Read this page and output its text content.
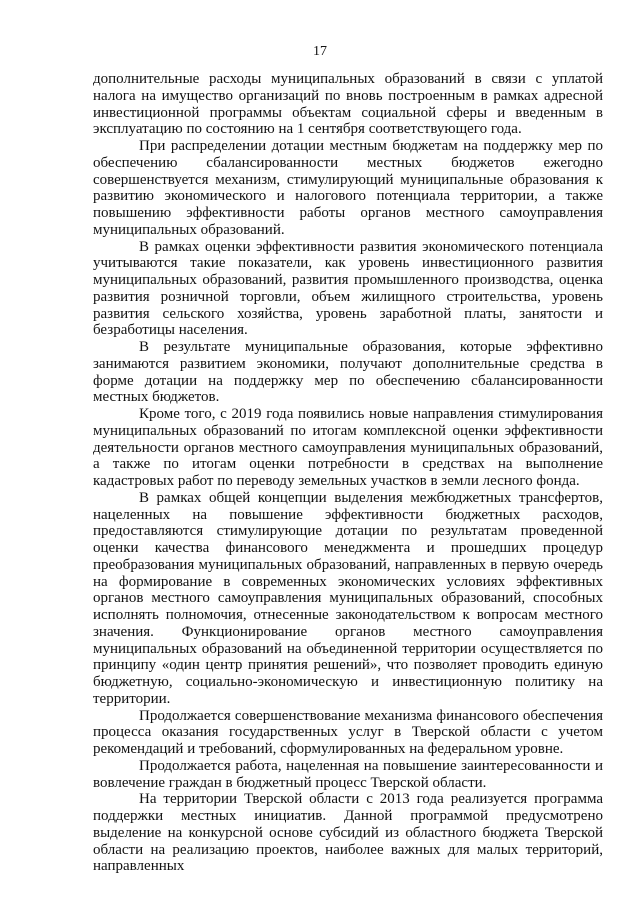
17

дополнительные расходы муниципальных образований в связи с уплатой налога на имущество организаций по вновь построенным в рамках адресной инвестиционной программы объектам социальной сферы и введенным в эксплуатацию по состоянию на 1 сентября соответствующего года.

При распределении дотации местным бюджетам на поддержку мер по обеспечению сбалансированности местных бюджетов ежегодно совершенствуется механизм, стимулирующий муниципальные образования к развитию экономического и налогового потенциала территории, а также повышению эффективности работы органов местного самоуправления муниципальных образований.

В рамках оценки эффективности развития экономического потенциала учитываются такие показатели, как уровень инвестиционного развития муниципальных образований, развития промышленного производства, оценка развития розничной торговли, объем жилищного строительства, уровень развития сельского хозяйства, уровень заработной платы, занятости и безработицы населения.

В результате муниципальные образования, которые эффективно занимаются развитием экономики, получают дополнительные средства в форме дотации на поддержку мер по обеспечению сбалансированности местных бюджетов.

Кроме того, с 2019 года появились новые направления стимулирования муниципальных образований по итогам комплексной оценки эффективности деятельности органов местного самоуправления муниципальных образований, а также по итогам оценки потребности в средствах на выполнение кадастровых работ по переводу земельных участков в земли лесного фонда.

В рамках общей концепции выделения межбюджетных трансфертов, нацеленных на повышение эффективности бюджетных расходов, предоставляются стимулирующие дотации по результатам проведенной оценки качества финансового менеджмента и прошедших процедур преобразования муниципальных образований, направленных в первую очередь на формирование в современных экономических условиях эффективных органов местного самоуправления муниципальных образований, способных исполнять полномочия, отнесенные законодательством к вопросам местного значения. Функционирование органов местного самоуправления муниципальных образований на объединенной территории осуществляется по принципу «один центр принятия решений», что позволяет проводить единую бюджетную, социально-экономическую и инвестиционную политику на территории.

Продолжается совершенствование механизма финансового обеспечения процесса оказания государственных услуг в Тверской области с учетом рекомендаций и требований, сформулированных на федеральном уровне.

Продолжается работа, нацеленная на повышение заинтересованности и вовлечение граждан в бюджетный процесс Тверской области.

На территории Тверской области с 2013 года реализуется программа поддержки местных инициатив. Данной программой предусмотрено выделение на конкурсной основе субсидий из областного бюджета Тверской области на реализацию проектов, наиболее важных для малых территорий, направленных
